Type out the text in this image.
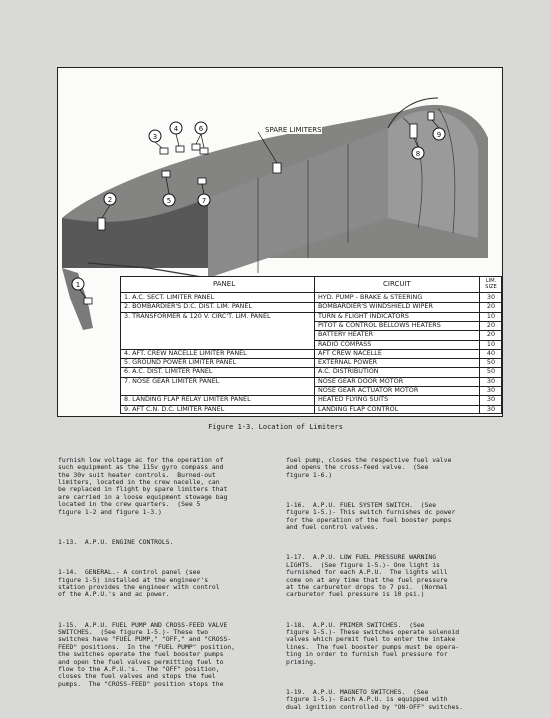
3
4	6
2	5	7
8
9
1
SPARE LIMITERS
PANEL	CIRCUIT	LIM. SIZE
1. A.C. SECT. LIMITER PANEL	HYD. PUMP - BRAKE & STEERING	30
2. BOMBARDIER'S D.C. DIST. LIM. PANEL	BOMBARDIER'S WINDSHIELD WIPER	20
3. TRANSFORMER & 120 V. CIRC'T. LIM. PANEL	TURN & FLIGHT INDICATORS	10
PITOT & CONTROL BELLOWS HEATERS	20
BATTERY HEATER	20
RADIO COMPASS	10
4. AFT. CREW NACELLE LIMITER PANEL	AFT CREW NACELLE	40
5. GROUND POWER LIMITER PANEL	EXTERNAL POWER	50
6. A.C. DIST. LIMITER PANEL	A.C. DISTRIBUTION	50
7. NOSE GEAR LIMITER PANEL	NOSE GEAR DOOR MOTOR	30
NOSE GEAR ACTUATOR MOTOR	30
8. LANDING FLAP RELAY LIMITER PANEL	HEATED FLYING SUITS	30
9. AFT C.N. D.C. LIMITER PANEL	LANDING FLAP CONTROL	30
Figure 1-3. Location of Limiters

furnish low voltage ac for the operation of
such equipment as the 115v gyro compass and
the 30v suit heater controls.  Burned-out
limiters, located in the crew nacelle, can
be replaced in flight by spare limiters that
are carried in a loose equipment stowage bag
located in the crew quarters.  (See 5
figure 1-2 and figure 1-3.)

1-13.  A.P.U. ENGINE CONTROLS.

1-14.  GENERAL.- A control panel (see
figure 1-5) installed at the engineer's
station provides the engineer with control
of the A.P.U.'s and ac power.

1-15.  A.P.U. FUEL PUMP AND CROSS-FEED VALVE
SWITCHES.  (See figure 1-5.)- These two
switches have "FUEL PUMP," "OFF," and "CROSS-
FEED" positions.  In the "FUEL PUMP" position,
the switches operate the fuel booster pumps
and open the fuel valves permitting fuel to
flow to the A.P.U.'s.  The "OFF" position,
closes the fuel valves and stops the fuel
pumps.  The "CROSS-FEED" position stops the

fuel pump, closes the respective fuel valve
and opens the cross-feed valve.  (See
figure 1-6.)

1-16.  A.P.U. FUEL SYSTEM SWITCH.  (See
figure 1-5.)- This switch furnishes dc power
for the operation of the fuel booster pumps
and fuel control valves.

1-17.  A.P.U. LOW FUEL PRESSURE WARNING
LIGHTS.  (See figure 1-5.)- One light is
furnished for each A.P.U.  The lights will
come on at any time that the fuel pressure
at the carburetor drops to 7 psi.  (Normal
carburetor fuel pressure is 10 psi.)

1-18.  A.P.U. PRIMER SWITCHES.  (See
figure 1-5.)- These switches operate solenoid
valves which permit fuel to enter the intake
lines.  The fuel booster pumps must be opera-
ting in order to furnish fuel pressure for
priming.

1-19.  A.P.U. MAGNETO SWITCHES.  (See
figure 1-5.)- Each A.P.U. is equipped with
dual ignition controlled by "ON-OFF" switches.
